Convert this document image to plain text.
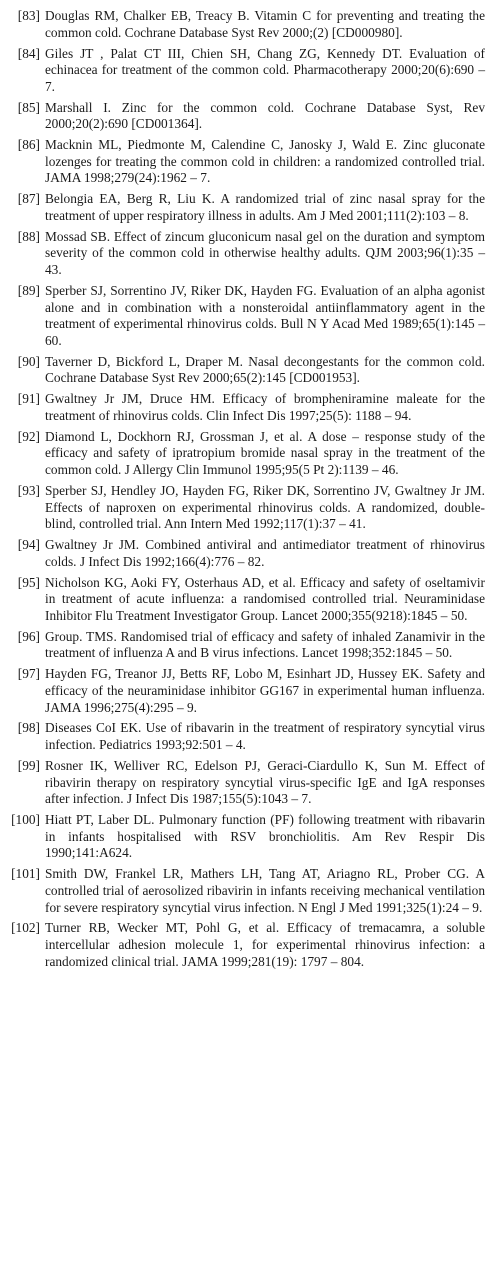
[83] Douglas RM, Chalker EB, Treacy B. Vitamin C for preventing and treating the common cold. Cochrane Database Syst Rev 2000;(2) [CD000980].
[84] Giles JT , Palat CT III, Chien SH, Chang ZG, Kennedy DT. Evaluation of echinacea for treatment of the common cold. Pharmacotherapy 2000;20(6):690 – 7.
[85] Marshall I. Zinc for the common cold. Cochrane Database Syst, Rev 2000;20(2):690 [CD001364].
[86] Macknin ML, Piedmonte M, Calendine C, Janosky J, Wald E. Zinc gluconate lozenges for treating the common cold in children: a randomized controlled trial. JAMA 1998;279(24):1962 – 7.
[87] Belongia EA, Berg R, Liu K. A randomized trial of zinc nasal spray for the treatment of upper respiratory illness in adults. Am J Med 2001;111(2):103 – 8.
[88] Mossad SB. Effect of zincum gluconicum nasal gel on the duration and symptom severity of the common cold in otherwise healthy adults. QJM 2003;96(1):35 – 43.
[89] Sperber SJ, Sorrentino JV, Riker DK, Hayden FG. Evaluation of an alpha agonist alone and in combination with a nonsteroidal antiinflammatory agent in the treatment of experimental rhinovirus colds. Bull N Y Acad Med 1989;65(1):145 – 60.
[90] Taverner D, Bickford L, Draper M. Nasal decongestants for the common cold. Cochrane Database Syst Rev 2000;65(2):145 [CD001953].
[91] Gwaltney Jr JM, Druce HM. Efficacy of brompheniramine maleate for the treatment of rhinovirus colds. Clin Infect Dis 1997;25(5): 1188 – 94.
[92] Diamond L, Dockhorn RJ, Grossman J, et al. A dose – response study of the efficacy and safety of ipratropium bromide nasal spray in the treatment of the common cold. J Allergy Clin Immunol 1995;95(5 Pt 2):1139 – 46.
[93] Sperber SJ, Hendley JO, Hayden FG, Riker DK, Sorrentino JV, Gwaltney Jr JM. Effects of naproxen on experimental rhinovirus colds. A randomized, double-blind, controlled trial. Ann Intern Med 1992;117(1):37 – 41.
[94] Gwaltney Jr JM. Combined antiviral and antimediator treatment of rhinovirus colds. J Infect Dis 1992;166(4):776 – 82.
[95] Nicholson KG, Aoki FY, Osterhaus AD, et al. Efficacy and safety of oseltamivir in treatment of acute influenza: a randomised controlled trial. Neuraminidase Inhibitor Flu Treatment Investigator Group. Lancet 2000;355(9218):1845 – 50.
[96] Group. TMS. Randomised trial of efficacy and safety of inhaled Zanamivir in the treatment of influenza A and B virus infections. Lancet 1998;352:1845 – 50.
[97] Hayden FG, Treanor JJ, Betts RF, Lobo M, Esinhart JD, Hussey EK. Safety and efficacy of the neuraminidase inhibitor GG167 in experimental human influenza. JAMA 1996;275(4):295 – 9.
[98] Diseases CoI EK. Use of ribavarin in the treatment of respiratory syncytial virus infection. Pediatrics 1993;92:501 – 4.
[99] Rosner IK, Welliver RC, Edelson PJ, Geraci-Ciardullo K, Sun M. Effect of ribavirin therapy on respiratory syncytial virus-specific IgE and IgA responses after infection. J Infect Dis 1987;155(5):1043 – 7.
[100] Hiatt PT, Laber DL. Pulmonary function (PF) following treatment with ribavarin in infants hospitalised with RSV bronchiolitis. Am Rev Respir Dis 1990;141:A624.
[101] Smith DW, Frankel LR, Mathers LH, Tang AT, Ariagno RL, Prober CG. A controlled trial of aerosolized ribavirin in infants receiving mechanical ventilation for severe respiratory syncytial virus infection. N Engl J Med 1991;325(1):24 – 9.
[102] Turner RB, Wecker MT, Pohl G, et al. Efficacy of tremacamra, a soluble intercellular adhesion molecule 1, for experimental rhinovirus infection: a randomized clinical trial. JAMA 1999;281(19): 1797 – 804.
